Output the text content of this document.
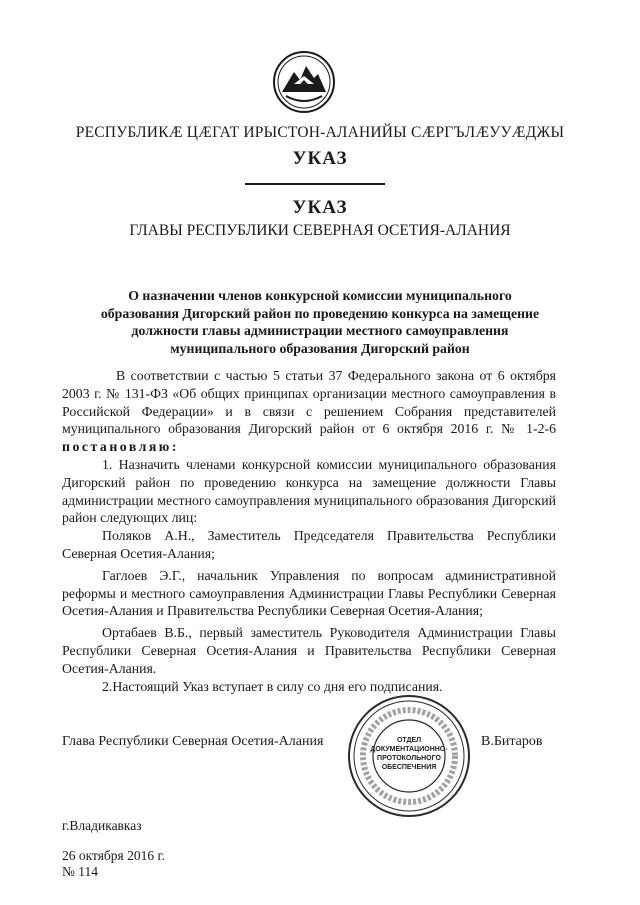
РЕСПУБЛИКӔ ЦӔГАТ ИРЫСТОН-АЛАНИЙЫ СӔРГЪЛӔУУӔДЖЫ
УКАЗ
УКАЗ
ГЛАВЫ РЕСПУБЛИКИ СЕВЕРНАЯ ОСЕТИЯ-АЛАНИЯ
О назначении членов конкурсной комиссии муниципального
образования Дигорский район по проведению конкурса на замещение
должности главы администрации местного самоуправления
муниципального образования Дигорский район

В соответствии с частью 5 статьи 37 Федерального закона от 6 октября 2003 г. № 131-ФЗ «Об общих принципах организации местного самоуправления в Российской Федерации» и в связи с решением Собрания представителей муниципального образования Дигорский район от 6 октября 2016 г. № 1-2-6 постановляю:

1. Назначить членами конкурсной комиссии муниципального образования Дигорский район по проведению конкурса на замещение должности Главы администрации местного самоуправления муниципального образования Дигорский район следующих лиц:

Поляков А.Н., Заместитель Председателя Правительства Республики Северная Осетия-Алания;

Гаглоев Э.Г., начальник Управления по вопросам административной реформы и местного самоуправления Администрации Главы Республики Северная Осетия-Алания и Правительства Республики Северная Осетия-Алания;

Ортабаев В.Б., первый заместитель Руководителя Администрации Главы Республики Северная Осетия-Алания и Правительства Республики Северная Осетия-Алания.

2.Настоящий Указ вступает в силу со дня его подписания.

Глава Республики Северная Осетия-Алания	В.Битаров
ОТДЕЛ
ДОКУМЕНТАЦИОННО-
ПРОТОКОЛЬНОГО
ОБЕСПЕЧЕНИЯ
г.Владикавказ
26 октября 2016 г.
№ 114
